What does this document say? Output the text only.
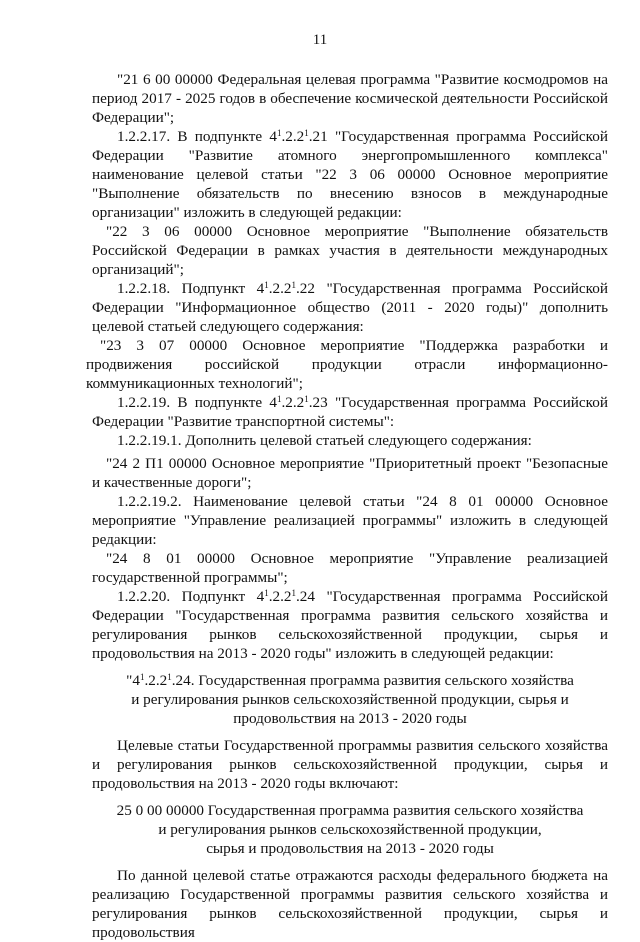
11

"21 6 00 00000 Федеральная целевая программа "Развитие космодромов на период 2017 - 2025 годов в обеспечение космической деятельности Российской Федерации";

1.2.2.17. В подпункте $4^1.2.2^1.21$ "Государственная программа Российской Федерации "Развитие атомного энергопромышленного комплекса" наименование целевой статьи "22 3 06 00000 Основное мероприятие "Выполнение обязательств по внесению взносов в международные организации" изложить в следующей редакции:

"22 3 06 00000 Основное мероприятие "Выполнение обязательств Российской Федерации в рамках участия в деятельности международных организаций";

1.2.2.18. Подпункт $4^1.2.2^1.22$ "Государственная программа Российской Федерации "Информационное общество (2011 - 2020 годы)" дополнить целевой статьей следующего содержания:

"23 3 07 00000 Основное мероприятие "Поддержка разработки и продвижения российской продукции отрасли информационно-коммуникационных технологий";

1.2.2.19. В подпункте $4^1.2.2^1.23$ "Государственная программа Российской Федерации "Развитие транспортной системы":

1.2.2.19.1. Дополнить целевой статьей следующего содержания:

"24 2 П1 00000 Основное мероприятие "Приоритетный проект "Безопасные и качественные дороги";

1.2.2.19.2. Наименование целевой статьи "24 8 01 00000 Основное мероприятие "Управление реализацией программы" изложить в следующей редакции:

"24 8 01 00000 Основное мероприятие "Управление реализацией государственной программы";

1.2.2.20. Подпункт $4^1.2.2^1.24$ "Государственная программа Российской Федерации "Государственная программа развития сельского хозяйства и регулирования рынков сельскохозяйственной продукции, сырья и продовольствия на 2013 - 2020 годы" изложить в следующей редакции:

"$4^1.2.2^1.24$. Государственная программа развития сельского хозяйства
и регулирования рынков сельскохозяйственной продукции, сырья и
продовольствия на 2013 - 2020 годы

Целевые статьи Государственной программы развития сельского хозяйства и регулирования рынков сельскохозяйственной продукции, сырья и продовольствия на 2013 - 2020 годы включают:

25 0 00 00000 Государственная программа развития сельского хозяйства
и регулирования рынков сельскохозяйственной продукции,
сырья и продовольствия на 2013 - 2020 годы

По данной целевой статье отражаются расходы федерального бюджета на реализацию Государственной программы развития сельского хозяйства и регулирования рынков сельскохозяйственной продукции, сырья и продовольствия
